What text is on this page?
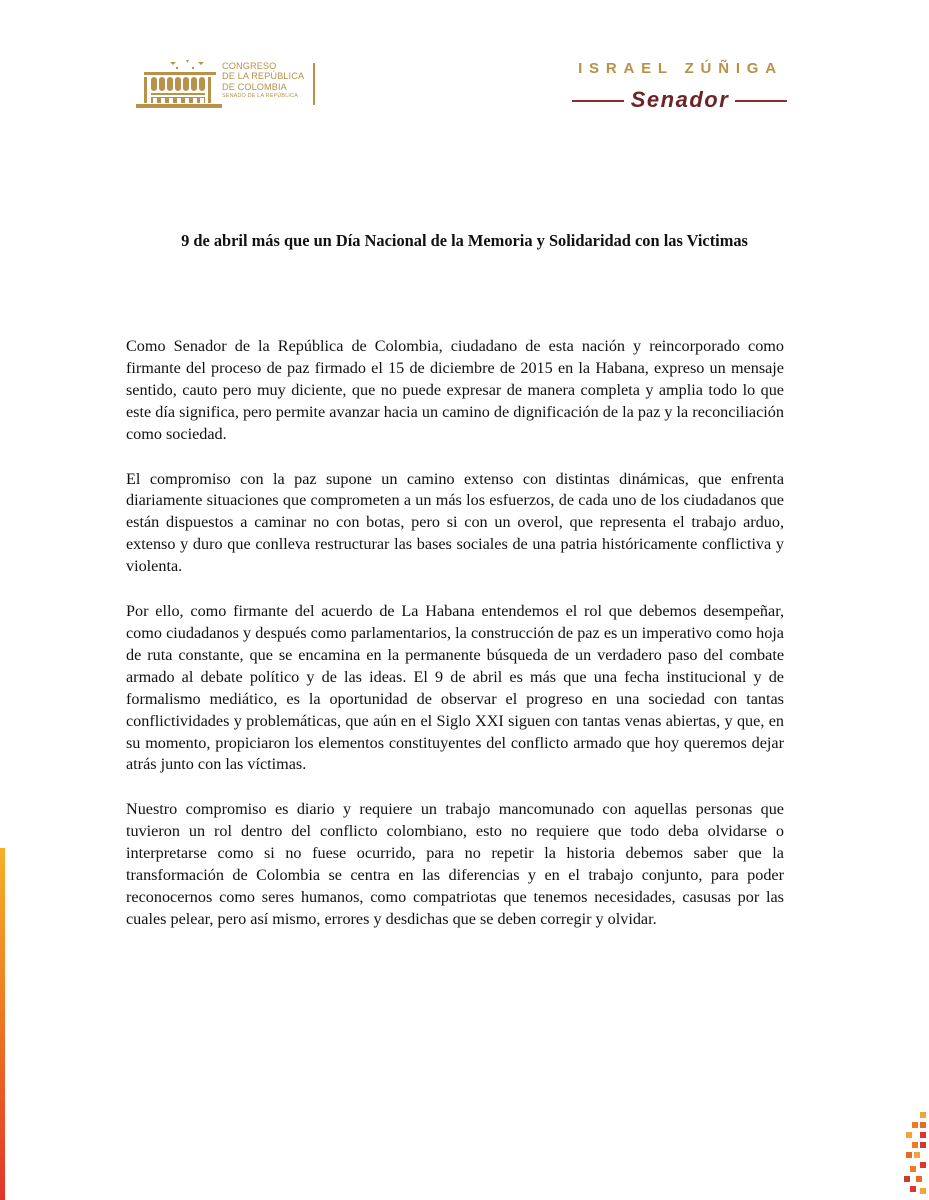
CONGRESO
DE LA REPÚBLICA
DE COLOMBIA
SENADO DE LA REPÚBLICA
ISRAEL ZÚÑIGA
Senador
9 de abril más que un Día Nacional de la Memoria y Solidaridad con las Victimas

Como Senador de la República de Colombia, ciudadano de esta nación y reincorporado como firmante del proceso de paz firmado el 15 de diciembre de 2015 en la Habana, expreso un mensaje sentido, cauto pero muy diciente, que no puede expresar de manera completa y amplia todo lo que este día significa, pero permite avanzar hacia un camino de dignificación de la paz y la reconciliación como sociedad.

El compromiso con la paz supone un camino extenso con distintas dinámicas, que enfrenta diariamente situaciones que comprometen a un más los esfuerzos, de cada uno de los ciudadanos que están dispuestos a caminar no con botas, pero si con un overol, que representa el trabajo arduo, extenso y duro que conlleva restructurar las bases sociales de una patria históricamente conflictiva y violenta.

Por ello, como firmante del acuerdo de La Habana entendemos el rol que debemos desempeñar, como ciudadanos y después como parlamentarios, la construcción de paz es un imperativo como hoja de ruta constante, que se encamina en la permanente búsqueda de un verdadero paso del combate armado al debate político y de las ideas. El 9 de abril es más que una fecha institucional y de formalismo mediático, es la oportunidad de observar el progreso en una sociedad con tantas conflictividades y problemáticas, que aún en el Siglo XXI siguen con tantas venas abiertas, y que, en su momento, propiciaron los elementos constituyentes del conflicto armado que hoy queremos dejar atrás junto con las víctimas.

Nuestro compromiso es diario y requiere un trabajo mancomunado con aquellas personas que tuvieron un rol dentro del conflicto colombiano, esto no requiere que todo deba olvidarse o interpretarse como si no fuese ocurrido, para no repetir la historia debemos saber que la transformación de Colombia se centra en las diferencias y en el trabajo conjunto, para poder reconocernos como seres humanos, como compatriotas que tenemos necesidades, casusas por las cuales pelear, pero así mismo, errores y desdichas que se deben corregir y olvidar.
